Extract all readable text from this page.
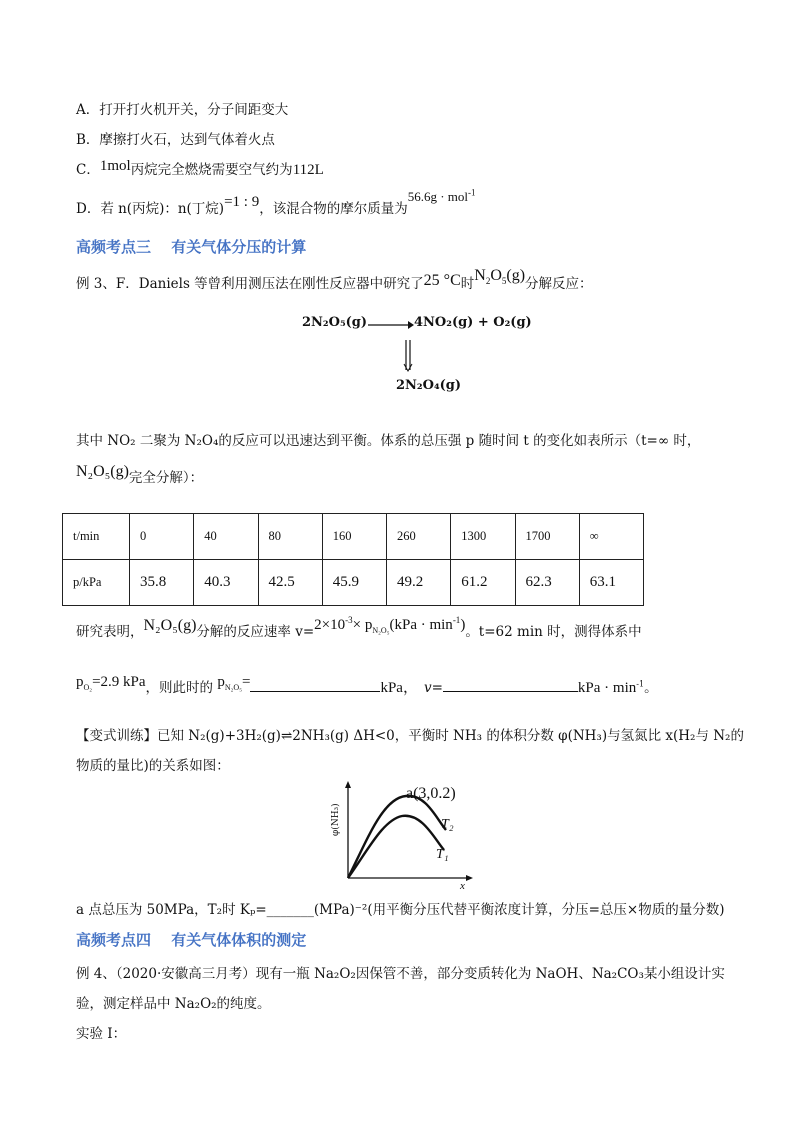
A．打开打火机开关，分子间距变大
B．摩擦打火石，达到气体着火点
C．1mol丙烷完全燃烧需要空气约为112L
D．若 n(丙烷)：n(丁烷)=1 : 9，该混合物的摩尔质量为56.6g · mol$^{-1}$
高频考点三　 有关气体分压的计算
例 3、F．Daniels 等曾利用测压法在刚性反应器中研究了25 °C时$N_2O_5(g)$分解反应：
2N₂O₅(g) → 4NO₂(g) + O₂(g)
2N₂O₄(g)
其中 NO₂ 二聚为 N₂O₄的反应可以迅速达到平衡。体系的总压强 p 随时间 t 的变化如表所示（t=∞ 时，
N₂O₅(g)完全分解）：
t/min	0	40	80	160	260	1300	1700	∞
p/kPa	35.8	40.3	42.5	45.9	49.2	61.2	62.3	63.1
研究表明，N₂O₅(g)分解的反应速率 $v=2\times 10^{-3}\times p_{N_2O_5}(kPa \cdot \min^{-1})$。t=62 min 时，测得体系中
$p_{O_2}=2.9$ kPa，则此时的 $p_{N_2O_5}=$	kPa， v=	kPa · $\min^{-1}$。
【变式训练】已知 N₂(g)+3H₂(g)⇌2NH₃(g) ΔH<0，平衡时 NH₃ 的体积分数 φ(NH₃)与氢氮比 x(H₂与 N₂的
物质的量比)的关系如图：
a(3,0.2)
T₂
T₁
φ(NH₃)
x
a 点总压为 50MPa，T₂时 Kₚ=_______(MPa)⁻²(用平衡分压代替平衡浓度计算，分压=总压×物质的量分数)
高频考点四　 有关气体体积的测定
例 4、（2020·安徽高三月考）现有一瓶 Na₂O₂因保管不善，部分变质转化为 NaOH、Na₂CO₃某小组设计实
验，测定样品中 Na₂O₂的纯度。
实验 I：
